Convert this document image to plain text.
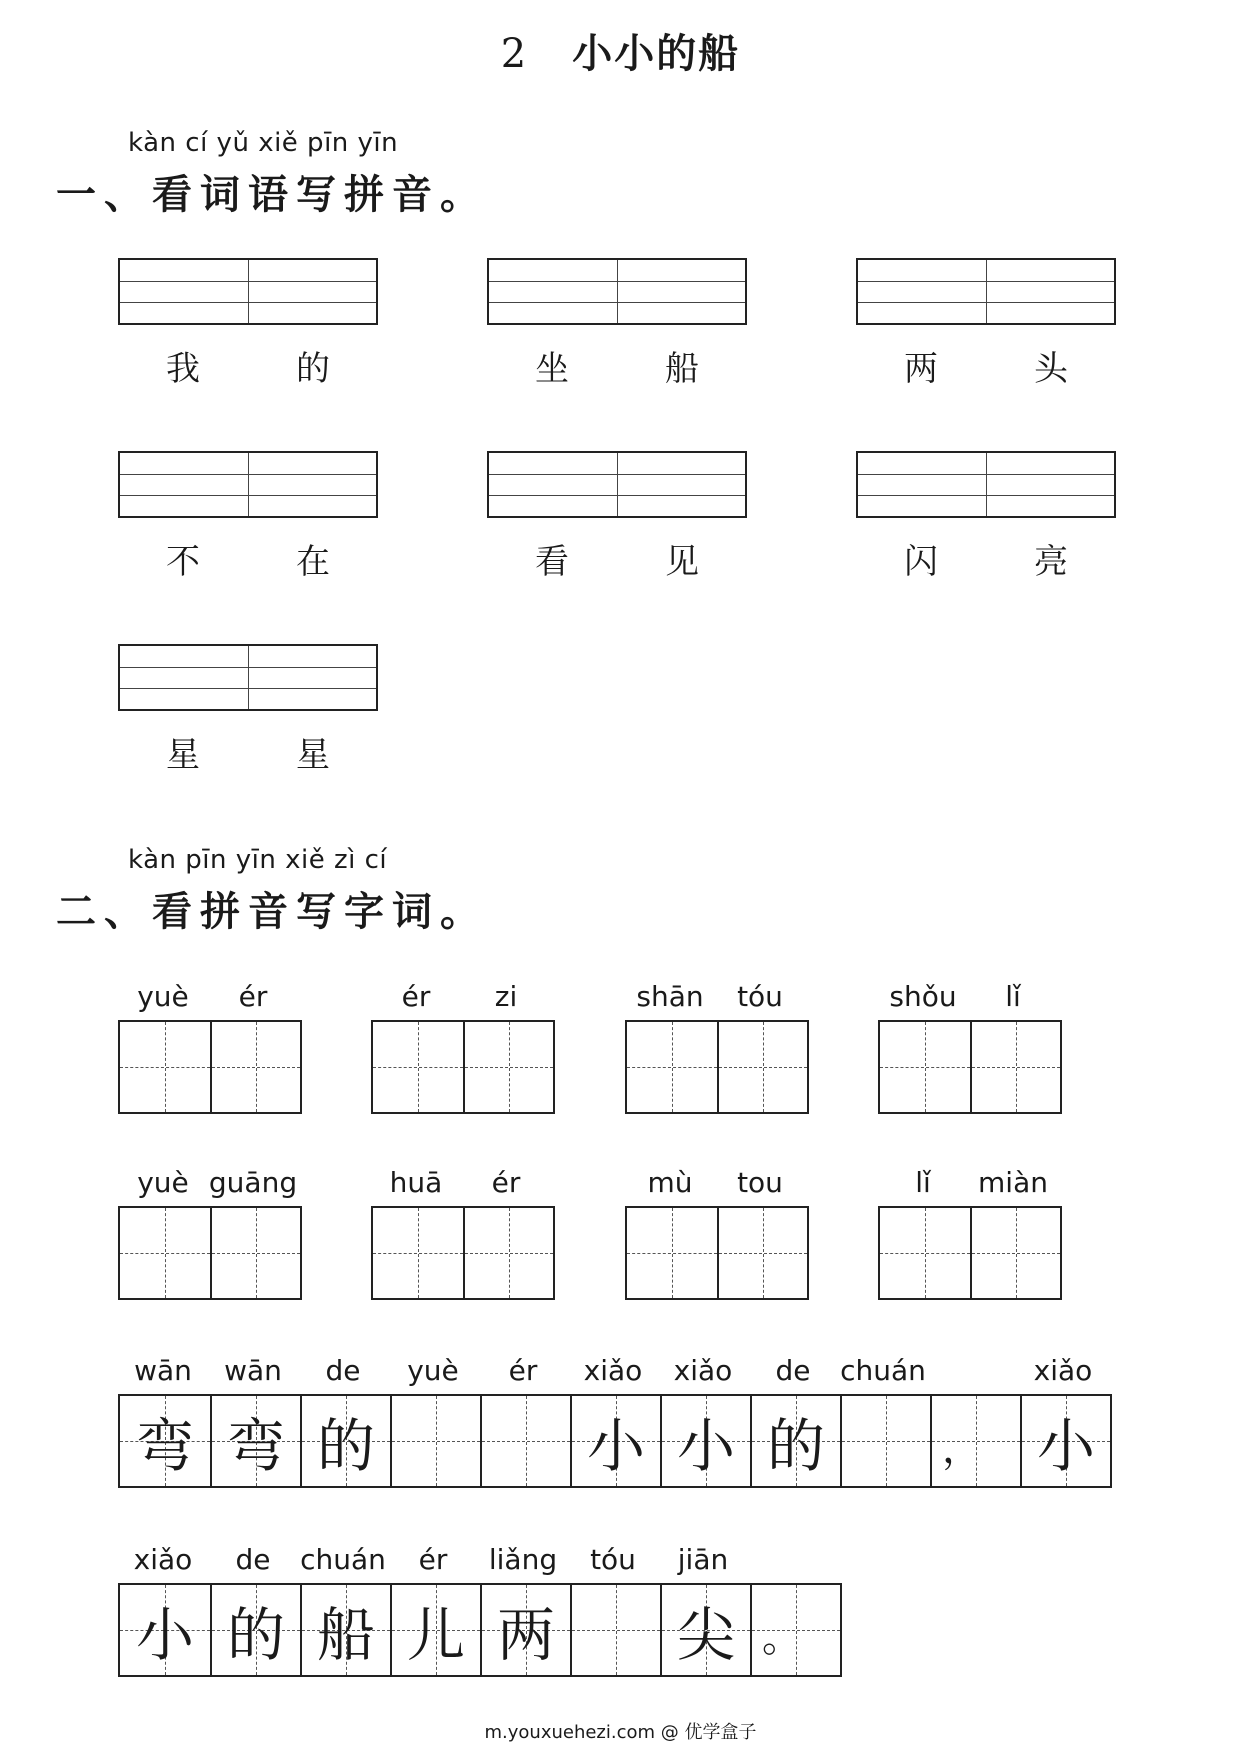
2 小小的船
kàn cí yǔ xiě pīn yīn
一、看词语写拼音。
我	的	坐	船	两	头
不	在	看	见	闪	亮
星	星
kàn pīn yīn xiě zì cí
二、看拼音写字词。
yuè	ér	ér	zi	shān	tóu	shǒu	lǐ
yuè guāng	huā	ér	mù	tou	lǐ	miàn
wān	wān	de	yuè	ér	xiǎo	xiǎo	de	chuán	xiǎo
弯 弯 的	小 小 的	， 小
xiǎo	de	chuán	ér	liǎng	tóu	jiān
小 的 船 儿 两 尖 。
m.youxuehezi.com @ 优学盒子
